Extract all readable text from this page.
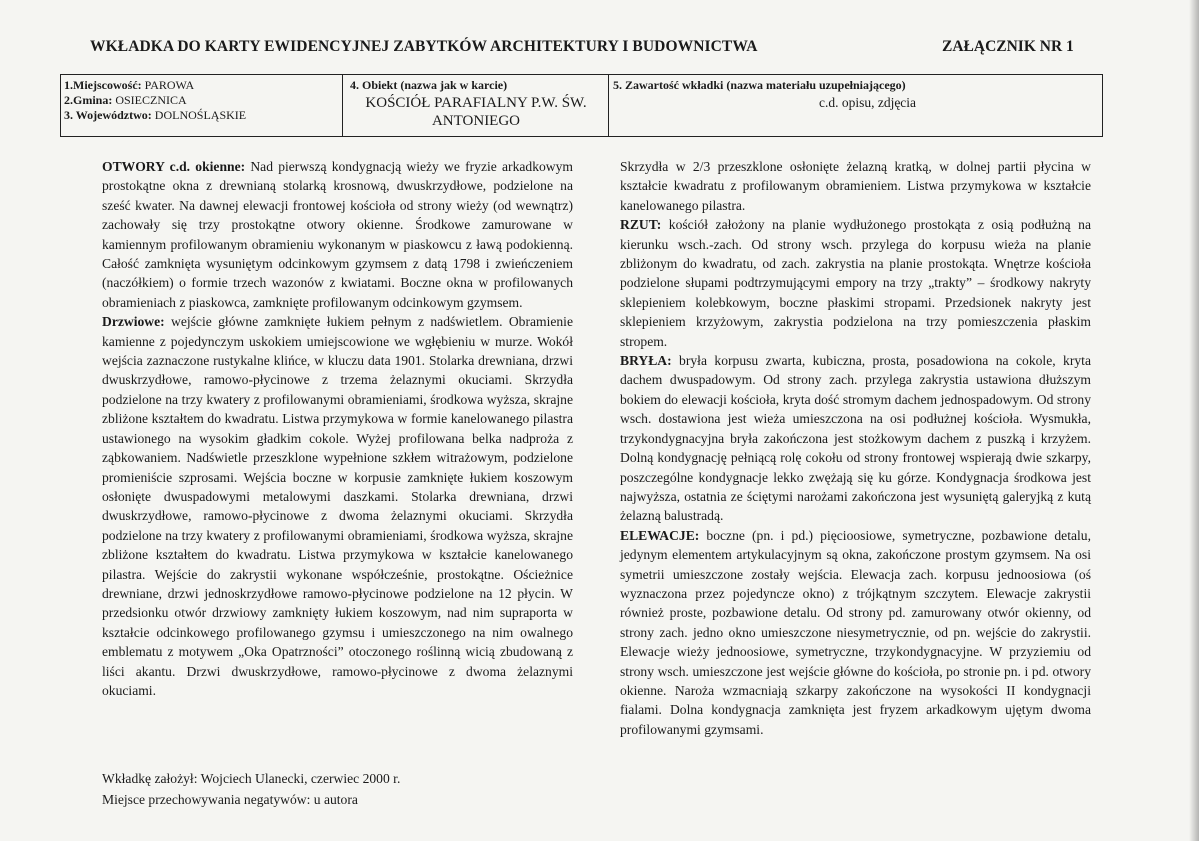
WKŁADKA DO KARTY EWIDENCYJNEJ ZABYTKÓW ARCHITEKTURY I BUDOWNICTWA	ZAŁĄCZNIK NR 1
1.Miejscowość: PAROWA
2.Gmina: OSIECZNICA
3. Województwo: DOLNOŚLĄSKIE
4. Obiekt (nazwa jak w karcie)
KOŚCIÓŁ PARAFIALNY P.W. ŚW.
ANTONIEGO
5. Zawartość wkładki (nazwa materiału uzupełniającego)
c.d. opisu, zdjęcia

OTWORY c.d. okienne: Nad pierwszą kondygnacją wieży we fryzie arkadkowym prostokątne okna z drewnianą stolarką krosnową, dwuskrzydłowe, podzielone na sześć kwater. Na dawnej elewacji frontowej kościoła od strony wieży (od wewnątrz) zachowały się trzy prostokątne otwory okienne. Środkowe zamurowane w kamiennym profilowanym obramieniu wykonanym w piaskowcu z ławą podokienną. Całość zamknięta wysuniętym odcinkowym gzymsem z datą 1798 i zwieńczeniem (naczółkiem) o formie trzech wazonów z kwiatami. Boczne okna w profilowanych obramieniach z piaskowca, zamknięte profilowanym odcinkowym gzymsem.

Drzwiowe: wejście główne zamknięte łukiem pełnym z nadświetlem. Obramienie kamienne z pojedynczym uskokiem umiejscowione we wgłębieniu w murze. Wokół wejścia zaznaczone rustykalne klińce, w kluczu data 1901. Stolarka drewniana, drzwi dwuskrzydłowe, ramowo-płycinowe z trzema żelaznymi okuciami. Skrzydła podzielone na trzy kwatery z profilowanymi obramieniami, środkowa wyższa, skrajne zbliżone kształtem do kwadratu. Listwa przymykowa w formie kanelowanego pilastra ustawionego na wysokim gładkim cokole. Wyżej profilowana belka nadproża z ząbkowaniem. Nadświetle przeszklone wypełnione szkłem witrażowym, podzielone promieniście szprosami. Wejścia boczne w korpusie zamknięte łukiem koszowym osłonięte dwuspadowymi metalowymi daszkami. Stolarka drewniana, drzwi dwuskrzydłowe, ramowo-płycinowe z dwoma żelaznymi okuciami. Skrzydła podzielone na trzy kwatery z profilowanymi obramieniami, środkowa wyższa, skrajne zbliżone kształtem do kwadratu. Listwa przymykowa w kształcie kanelowanego pilastra. Wejście do zakrystii wykonane współcześnie, prostokątne. Ościeżnice drewniane, drzwi jednoskrzydłowe ramowo-płycinowe podzielone na 12 płycin. W przedsionku otwór drzwiowy zamknięty łukiem koszowym, nad nim supraporta w kształcie odcinkowego profilowanego gzymsu i umieszczonego na nim owalnego emblematu z motywem „Oka Opatrzności” otoczonego roślinną wicią zbudowaną z liści akantu. Drzwi dwuskrzydłowe, ramowo-płycinowe z dwoma żelaznymi okuciami.

Skrzydła w 2/3 przeszklone osłonięte żelazną kratką, w dolnej partii płycina w kształcie kwadratu z profilowanym obramieniem. Listwa przymykowa w kształcie kanelowanego pilastra.

RZUT: kościół założony na planie wydłużonego prostokąta z osią podłużną na kierunku wsch.-zach. Od strony wsch. przylega do korpusu wieża na planie zbliżonym do kwadratu, od zach. zakrystia na planie prostokąta. Wnętrze kościoła podzielone słupami podtrzymującymi empory na trzy „trakty” – środkowy nakryty sklepieniem kolebkowym, boczne płaskimi stropami. Przedsionek nakryty jest sklepieniem krzyżowym, zakrystia podzielona na trzy pomieszczenia płaskim stropem.

BRYŁA: bryła korpusu zwarta, kubiczna, prosta, posadowiona na cokole, kryta dachem dwuspadowym. Od strony zach. przylega zakrystia ustawiona dłuższym bokiem do elewacji kościoła, kryta dość stromym dachem jednospadowym. Od strony wsch. dostawiona jest wieża umieszczona na osi podłużnej kościoła. Wysmukła, trzykondygnacyjna bryła zakończona jest stożkowym dachem z puszką i krzyżem. Dolną kondygnację pełniącą rolę cokołu od strony frontowej wspierają dwie szkarpy, poszczególne kondygnacje lekko zwężają się ku górze. Kondygnacja środkowa jest najwyższa, ostatnia ze ściętymi narożami zakończona jest wysuniętą galeryjką z kutą żelazną balustradą.

ELEWACJE: boczne (pn. i pd.) pięcioosiowe, symetryczne, pozbawione detalu, jedynym elementem artykulacyjnym są okna, zakończone prostym gzymsem. Na osi symetrii umieszczone zostały wejścia. Elewacja zach. korpusu jednoosiowa (oś wyznaczona przez pojedyncze okno) z trójkątnym szczytem. Elewacje zakrystii również proste, pozbawione detalu. Od strony pd. zamurowany otwór okienny, od strony zach. jedno okno umieszczone niesymetrycznie, od pn. wejście do zakrystii. Elewacje wieży jednoosiowe, symetryczne, trzykondygnacyjne. W przyziemiu od strony wsch. umieszczone jest wejście główne do kościoła, po stronie pn. i pd. otwory okienne. Naroża wzmacniają szkarpy zakończone na wysokości II kondygnacji fialami. Dolna kondygnacja zamknięta jest fryzem arkadkowym ujętym dwoma profilowanymi gzymsami.

Wkładkę założył: Wojciech Ulanecki, czerwiec 2000 r.
Miejsce przechowywania negatywów: u autora
